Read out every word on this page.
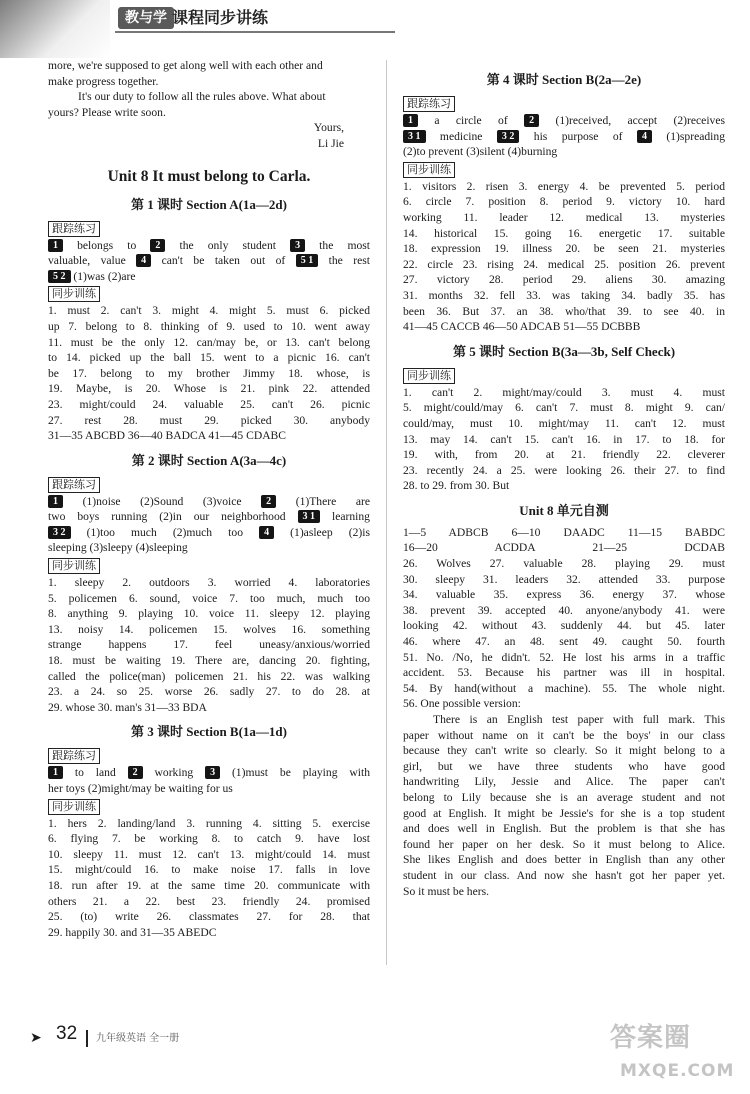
教与学 课程同步讲练
more, we're supposed to get along well with each other and
make progress together.
It's our duty to follow all the rules above. What about
yours? Please write soon.
Yours,
Li Jie
Unit 8 It must belong to Carla.
第 1 课时 Section A(1a—2d)
跟踪练习
1 belongs to 2 the only student 3 the most
valuable, value 4 can't be taken out of 5 1 the rest
5 2 (1)was (2)are
同步训练
1. must 2. can't 3. might 4. might 5. must 6. picked
up 7. belong to 8. thinking of 9. used to 10. went away
11. must be the only 12. can/may be, or 13. can't belong
to 14. picked up the ball 15. went to a picnic 16. can't
be 17. belong to my brother Jimmy 18. whose, is
19. Maybe, is 20. Whose is 21. pink 22. attended
23. might/could 24. valuable 25. can't 26. picnic
27. rest 28. must 29. picked 30. anybody
31—35 ABCBD 36—40 BADCA 41—45 CDABC
第 2 课时 Section A(3a—4c)
跟踪练习
1 (1)noise (2)Sound (3)voice 2 (1)There are
two boys running (2)in our neighborhood 3 1 learning
3 2 (1)too much (2)much too 4 (1)asleep (2)is
sleeping (3)sleepy (4)sleeping
同步训练
1. sleepy 2. outdoors 3. worried 4. laboratories
5. policemen 6. sound, voice 7. too much, much too
8. anything 9. playing 10. voice 11. sleepy 12. playing
13. noisy 14. policemen 15. wolves 16. something
strange happens 17. feel uneasy/anxious/worried
18. must be waiting 19. There are, dancing 20. fighting,
called the police(man) policemen 21. his 22. was walking
23. a 24. so 25. worse 26. sadly 27. to do 28. at
29. whose 30. man's 31—33 BDA
第 3 课时 Section B(1a—1d)
跟踪练习
1 to land 2 working 3 (1)must be playing with
her toys (2)might/may be waiting for us
同步训练
1. hers 2. landing/land 3. running 4. sitting 5. exercise
6. flying 7. be working 8. to catch 9. have lost
10. sleepy 11. must 12. can't 13. might/could 14. must
15. might/could 16. to make noise 17. falls in love
18. run after 19. at the same time 20. communicate with
others 21. a 22. best 23. friendly 24. promised
25. (to) write 26. classmates 27. for 28. that
29. happily 30. and 31—35 ABEDC
第 4 课时 Section B(2a—2e)
跟踪练习
1 a circle of 2 (1)received, accept (2)receives
3 1 medicine 3 2 his purpose of 4 (1)spreading
(2)to prevent (3)silent (4)burning
同步训练
1. visitors 2. risen 3. energy 4. be prevented 5. period
6. circle 7. position 8. period 9. victory 10. hard
working 11. leader 12. medical 13. mysteries
14. historical 15. going 16. energetic 17. suitable
18. expression 19. illness 20. be seen 21. mysteries
22. circle 23. rising 24. medical 25. position 26. prevent
27. victory 28. period 29. aliens 30. amazing
31. months 32. fell 33. was taking 34. badly 35. has
been 36. But 37. an 38. who/that 39. to see 40. in
41—45 CACCB 46—50 ADCAB 51—55 DCBBB
第 5 课时 Section B(3a—3b, Self Check)
同步训练
1. can't 2. might/may/could 3. must 4. must
5. might/could/may 6. can't 7. must 8. might 9. can/
could/may, must 10. might/may 11. can't 12. must
13. may 14. can't 15. can't 16. in 17. to 18. for
19. with, from 20. at 21. friendly 22. cleverer
23. recently 24. a 25. were looking 26. their 27. to find
28. to 29. from 30. But
Unit 8 单元自测
1—5 ADBCB 6—10 DAADC 11—15 BABDC
16—20 ACDDA 21—25 DCDAB
26. Wolves 27. valuable 28. playing 29. must
30. sleepy 31. leaders 32. attended 33. purpose
34. valuable 35. express 36. energy 37. whose
38. prevent 39. accepted 40. anyone/anybody 41. were
looking 42. without 43. suddenly 44. but 45. later
46. where 47. an 48. sent 49. caught 50. fourth
51. No. /No, he didn't. 52. He lost his arms in a traffic
accident. 53. Because his partner was ill in hospital.
54. By hand(without a machine). 55. The whole night.
56. One possible version:
There is an English test paper with full mark. This
paper without name on it can't be the boys' in our class
because they can't write so clearly. So it might belong to a
girl, but we have three students who have good
handwriting Lily, Jessie and Alice. The paper can't
belong to Lily because she is an average student and not
good at English. It might be Jessie's for she is a top student
and does well in English. But the problem is that she has
found her paper on her desk. So it must belong to Alice.
She likes English and does better in English than any other
student in our class. And now she hasn't got her paper yet.
So it must be hers.
➤ 32 九年级英语 全一册	答案圈
MXQE.COM
